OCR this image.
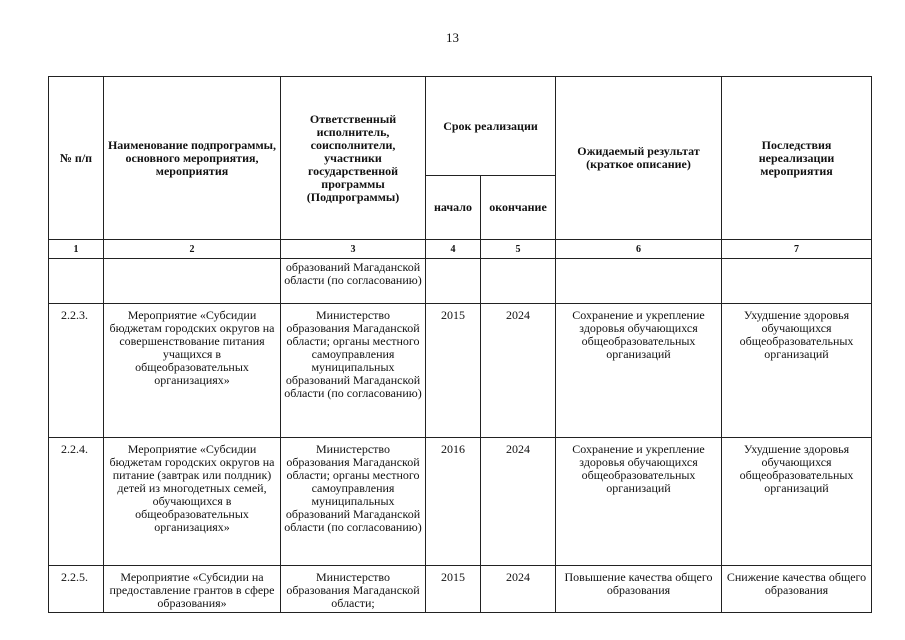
13
№ п/п	Наименование подпрограммы, основного мероприятия, мероприятия	Ответственный исполнитель, соисполнители, участники государственной программы (Подпрограммы)	Срок реализации		Ожидаемый результат (краткое описание)	Последствия нереализации мероприятия
			начало	окончание		
1	2	3	4	5	6	7
		образований Магаданской области (по согласованию)				
2.2.3.	Мероприятие «Субсидии бюджетам городских округов на совершенствование питания учащихся в общеобразовательных организациях»	Министерство образования Магаданской области; органы местного самоуправления муниципальных образований Магаданской области (по согласованию)	2015	2024	Сохранение и укрепление здоровья обучающихся общеобразовательных организаций	Ухудшение здоровья обучающихся общеобразовательных организаций
2.2.4.	Мероприятие «Субсидии бюджетам городских округов на питание (завтрак или полдник) детей из многодетных семей, обучающихся в общеобразовательных организациях»	Министерство образования Магаданской области; органы местного самоуправления муниципальных образований Магаданской области (по согласованию)	2016	2024	Сохранение и укрепление здоровья обучающихся общеобразовательных организаций	Ухудшение здоровья обучающихся общеобразовательных организаций
2.2.5.	Мероприятие «Субсидии на предоставление грантов в сфере образования»	Министерство образования Магаданской области;	2015	2024	Повышение качества общего образования	Снижение качества общего образования
